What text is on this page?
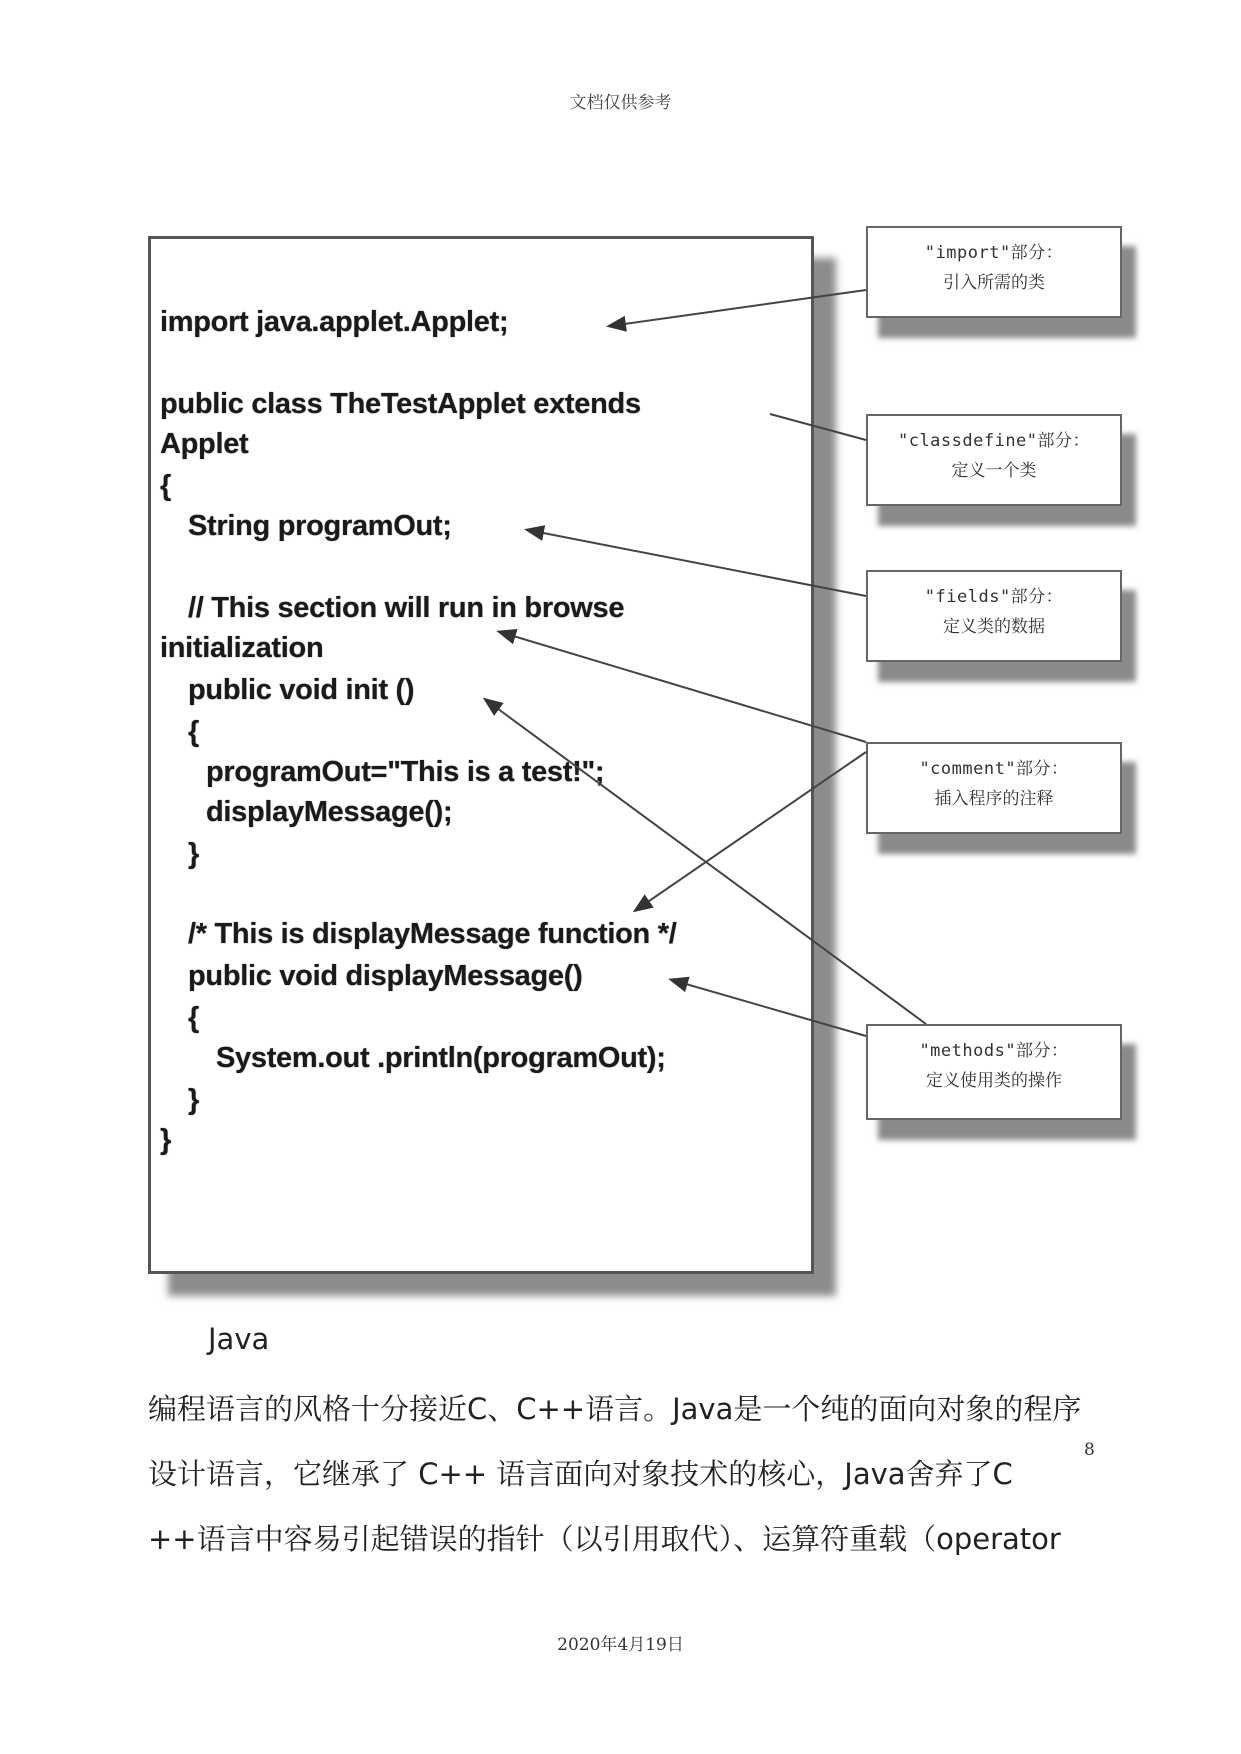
文档仅供参考
import java.applet.Applet;
public class TheTestApplet extends
Applet
{
String programOut;
// This section will run in browse
initialization
public void init ()
{
programOut="This is a test!";
displayMessage();
}
/* This is displayMessage function */
public void displayMessage()
{
System.out .println(programOut);
}
}
"import"部分：
引入所需的类
"classdefine"部分：
定义一个类
"fields"部分：
定义类的数据
"comment"部分：
插入程序的注释
"methods"部分：
定义使用类的操作
Java
编程语言的风格十分接近C、C++语言。Java是一个纯的面向对象的程序
设计语言，它继承了 C++ 语言面向对象技术的核心，Java舍弃了C
++语言中容易引起错误的指针（以引用取代）、运算符重载（operator
8
2020年4月19日
